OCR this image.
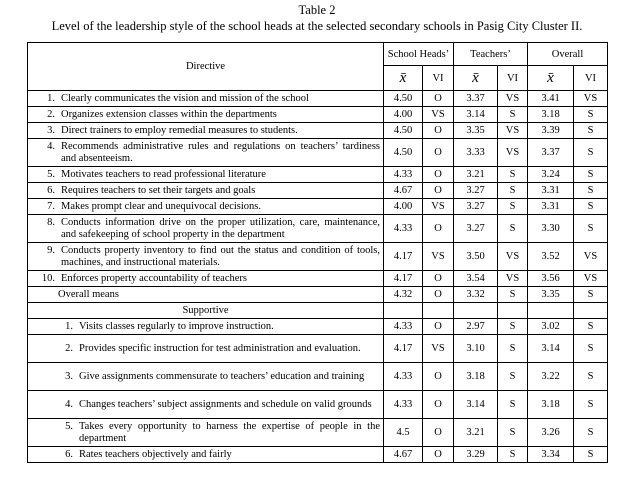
Table 2
Level of the leadership style of the school heads at the selected secondary schools in Pasig City Cluster II.
Directive	School Heads’		Teachers’		Overall	
	x̄	VI	x̄	VI	x̄	VI

1. Clearly communicates the vision and mission of the school	4.50	O	3.37	VS	3.41	VS

2. Organizes extension classes within the departments	4.00	VS	3.14	S	3.18	S

3. Direct trainers to employ remedial measures to students.	4.50	O	3.35	VS	3.39	S

4. Recommends administrative rules and regulations on teachers’ tardiness and absenteeism.	4.50	O	3.33	VS	3.37	S

5. Motivates teachers to read professional literature	4.33	O	3.21	S	3.24	S

6. Requires teachers to set their targets and goals	4.67	O	3.27	S	3.31	S

7. Makes prompt clear and unequivocal decisions.	4.00	VS	3.27	S	3.31	S

8. Conducts information drive on the proper utilization, care, maintenance, and safekeeping of school property in the department	4.33	O	3.27	S	3.30	S

9. Conducts property inventory to find out the status and condition of tools, machines, and instructional materials.	4.17	VS	3.50	VS	3.52	VS

10. Enforces property accountability of teachers	4.17	O	3.54	VS	3.56	VS
Overall means	4.32	O	3.32	S	3.35	S
Supportive						

1. Visits classes regularly to improve instruction.	4.33	O	2.97	S	3.02	S

2. Provides specific instruction for test administration and evaluation.	4.17	VS	3.10	S	3.14	S

3. Give assignments commensurate to teachers’ education and training	4.33	O	3.18	S	3.22	S

4. Changes teachers’ subject assignments and schedule on valid grounds	4.33	O	3.14	S	3.18	S

5. Takes every opportunity to harness the expertise of people in the department	4.5	O	3.21	S	3.26	S

6. Rates teachers objectively and fairly	4.67	O	3.29	S	3.34	S
